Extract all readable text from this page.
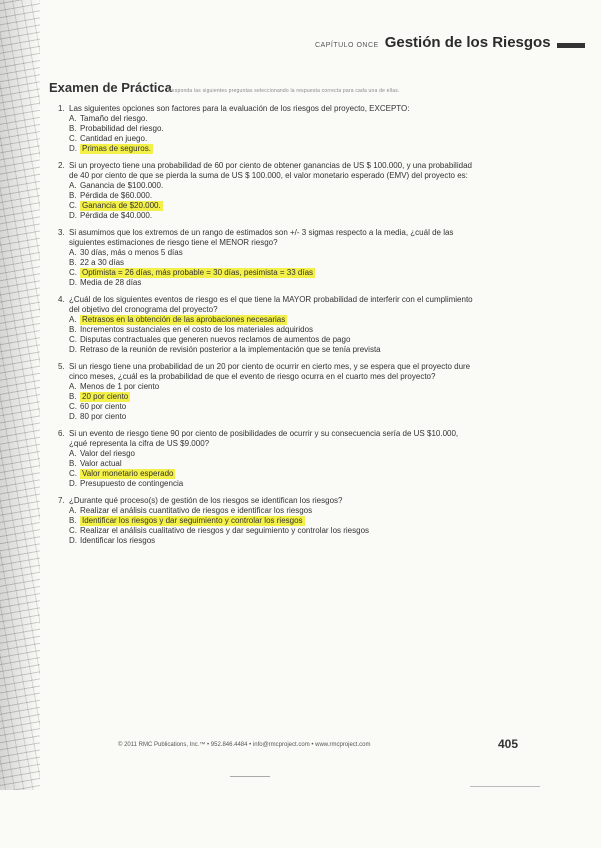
CAPÍTULO ONCE Gestión de los Riesgos
Examen de Práctica
Responda las siguientes preguntas seleccionando la respuesta correcta para cada una de ellas.
1. Las siguientes opciones son factores para la evaluación de los riesgos del proyecto, EXCEPTO:
A. Tamaño del riesgo.
B. Probabilidad del riesgo.
C. Cantidad en juego.
D. Primas de seguros.
2. Si un proyecto tiene una probabilidad de 60 por ciento de obtener ganancias de US $ 100.000, y una probabilidad de 40 por ciento de que se pierda la suma de US $ 100.000, el valor monetario esperado (EMV) del proyecto es:
A. Ganancia de $100.000.
B. Pérdida de $60.000.
C. Ganancia de $20.000.
D. Pérdida de $40.000.
3. Si asumimos que los extremos de un rango de estimados son +/- 3 sigmas respecto a la media, ¿cuál de las siguientes estimaciones de riesgo tiene el MENOR riesgo?
A. 30 días, más o menos 5 días
B. 22 a 30 días
C. Optimista = 26 días, más probable = 30 días, pesimista = 33 días
D. Media de 28 días
4. ¿Cuál de los siguientes eventos de riesgo es el que tiene la MAYOR probabilidad de interferir con el cumplimiento del objetivo del cronograma del proyecto?
A. Retrasos en la obtención de las aprobaciones necesarias
B. Incrementos sustanciales en el costo de los materiales adquiridos
C. Disputas contractuales que generen nuevos reclamos de aumentos de pago
D. Retraso de la reunión de revisión posterior a la implementación que se tenía prevista
5. Si un riesgo tiene una probabilidad de un 20 por ciento de ocurrir en cierto mes, y se espera que el proyecto dure cinco meses, ¿cuál es la probabilidad de que el evento de riesgo ocurra en el cuarto mes del proyecto?
A. Menos de 1 por ciento
B. 20 por ciento
C. 60 por ciento
D. 80 por ciento
6. Si un evento de riesgo tiene 90 por ciento de posibilidades de ocurrir y su consecuencia sería de US $10.000, ¿qué representa la cifra de US $9.000?
A. Valor del riesgo
B. Valor actual
C. Valor monetario esperado
D. Presupuesto de contingencia
7. ¿Durante qué proceso(s) de gestión de los riesgos se identifican los riesgos?
A. Realizar el análisis cuantitativo de riesgos e identificar los riesgos
B. Identificar los riesgos y dar seguimiento y controlar los riesgos
C. Realizar el análisis cualitativo de riesgos y dar seguimiento y controlar los riesgos
D. Identificar los riesgos
© 2011 RMC Publications, Inc.™ • 952.846.4484 • info@rmcproject.com • www.rmcproject.com	405
